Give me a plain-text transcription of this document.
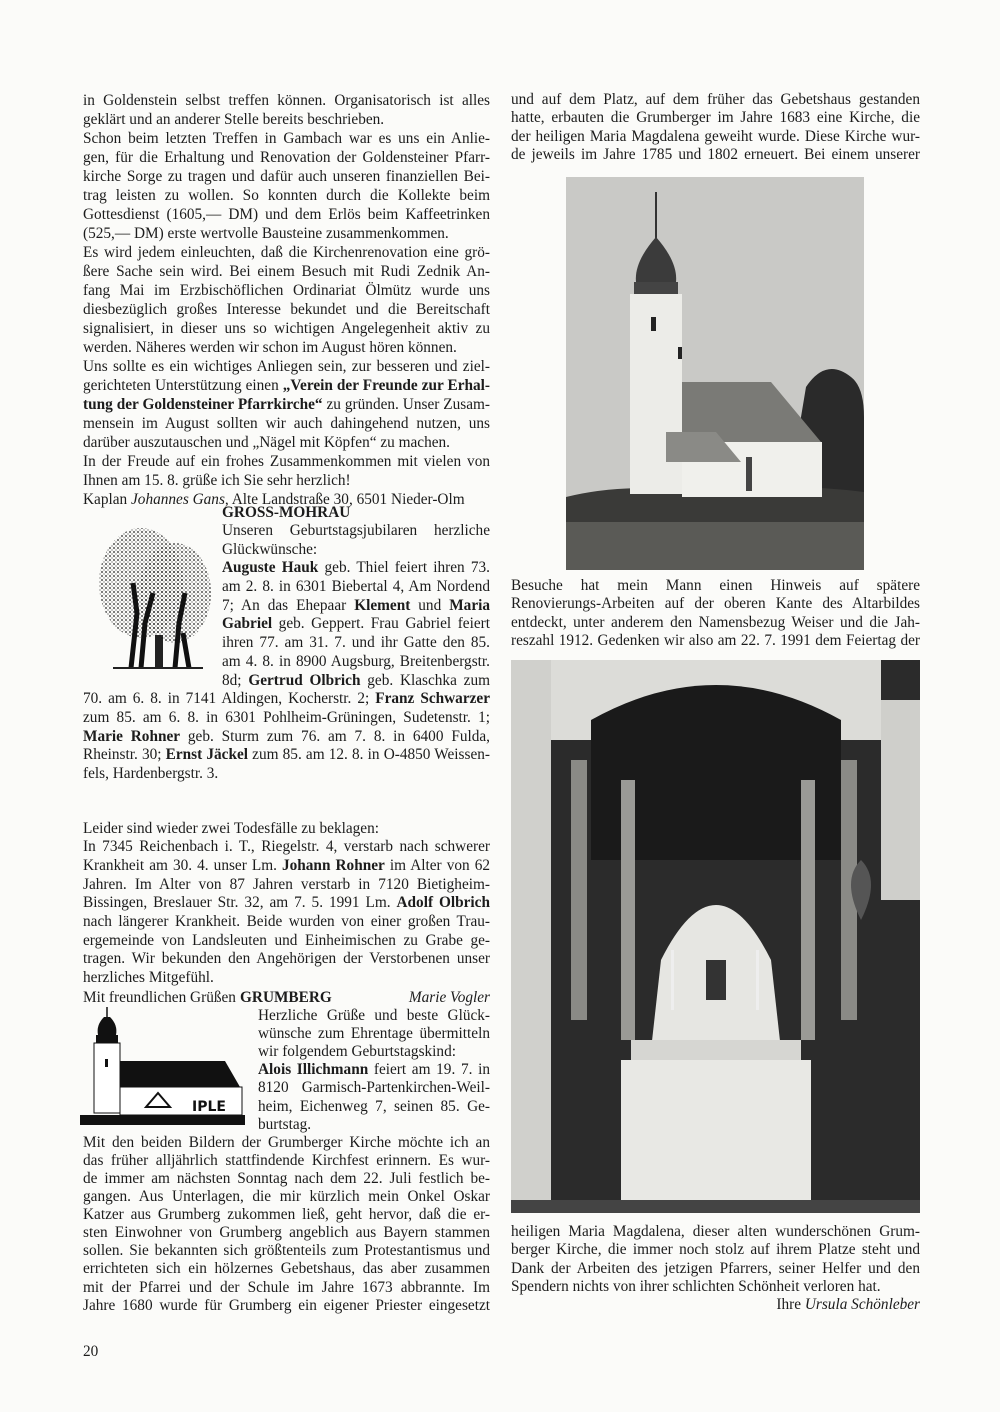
in Goldenstein selbst treffen können. Organisatorisch ist alles
geklärt und an anderer Stelle bereits beschrieben.
Schon beim letzten Treffen in Gambach war es uns ein Anlie-
gen, für die Erhaltung und Renovation der Goldensteiner Pfarr-
kirche Sorge zu tragen und dafür auch unseren finanziellen Bei-
trag leisten zu wollen. So konnten durch die Kollekte beim
Gottesdienst (1605,— DM) und dem Erlös beim Kaffeetrinken
(525,— DM) erste wertvolle Bausteine zusammenkommen.
Es wird jedem einleuchten, daß die Kirchenrenovation eine grö-
ßere Sache sein wird. Bei einem Besuch mit Rudi Zednik An-
fang Mai im Erzbischöflichen Ordinariat Ölmütz wurde uns
diesbezüglich großes Interesse bekundet und die Bereitschaft
signalisiert, in dieser uns so wichtigen Angelegenheit aktiv zu
werden. Näheres werden wir schon im August hören können.
Uns sollte es ein wichtiges Anliegen sein, zur besseren und ziel-
gerichteten Unterstützung einen „Verein der Freunde zur Erhal-
tung der Goldensteiner Pfarrkirche“ zu gründen. Unser Zusam-
mensein im August sollten wir auch dahingehend nutzen, uns
darüber auszutauschen und „Nägel mit Köpfen“ zu machen.
In der Freude auf ein frohes Zusammenkommen mit vielen von
Ihnen am 15. 8. grüße ich Sie sehr herzlich!
Kaplan Johannes Gans, Alte Landstraße 30, 6501 Nieder-Olm
GROSS-MOHRAU
Unseren Geburtstagsjubilaren herzliche
Glückwünsche:
Auguste Hauk geb. Thiel feiert ihren 73.
am 2. 8. in 6301 Biebertal 4, Am Nordend
7; An das Ehepaar Klement und Maria
Gabriel geb. Geppert. Frau Gabriel feiert
ihren 77. am 31. 7. und ihr Gatte den 85.
am 4. 8. in 8900 Augsburg, Breitenbergstr.
8d; Gertrud Olbrich geb. Klaschka zum
70. am 6. 8. in 7141 Aldingen, Kocherstr. 2; Franz Schwarzer
zum 85. am 6. 8. in 6301 Pohlheim-Grüningen, Sudetenstr. 1;
Marie Rohner geb. Sturm zum 76. am 7. 8. in 6400 Fulda,
Rheinstr. 30; Ernst Jäckel zum 85. am 12. 8. in O-4850 Weissen-
fels, Hardenbergstr. 3.
Leider sind wieder zwei Todesfälle zu beklagen:
In 7345 Reichenbach i. T., Riegelstr. 4, verstarb nach schwerer
Krankheit am 30. 4. unser Lm. Johann Rohner im Alter von 62
Jahren. Im Alter von 87 Jahren verstarb in 7120 Bietigheim-
Bissingen, Breslauer Str. 32, am 7. 5. 1991 Lm. Adolf Olbrich
nach längerer Krankheit. Beide wurden von einer großen Trau-
ergemeinde von Landsleuten und Einheimischen zu Grabe ge-
tragen. Wir bekunden den Angehörigen der Verstorbenen unser
herzliches Mitgefühl.
Mit freundlichen Grüßen	Marie Vogler
IPLE
GRUMBERG
Herzliche Grüße und beste Glück-
wünsche zum Ehrentage übermitteln
wir folgendem Geburtstagskind:
Alois Illichmann feiert am 19. 7. in
8120 Garmisch-Partenkirchen-Weil-
heim, Eichenweg 7, seinen 85. Ge-
burtstag.
Mit den beiden Bildern der Grumberger Kirche möchte ich an
das früher alljährlich stattfindende Kirchfest erinnern. Es wur-
de immer am nächsten Sonntag nach dem 22. Juli festlich be-
gangen. Aus Unterlagen, die mir kürzlich mein Onkel Oskar
Katzer aus Grumberg zukommen ließ, geht hervor, daß die er-
sten Einwohner von Grumberg angeblich aus Bayern stammen
sollen. Sie bekannten sich größtenteils zum Protestantismus und
errichteten sich ein hölzernes Gebetshaus, das aber zusammen
mit der Pfarrei und der Schule im Jahre 1673 abbrannte. Im
Jahre 1680 wurde für Grumberg ein eigener Priester eingesetzt
und auf dem Platz, auf dem früher das Gebetshaus gestanden
hatte, erbauten die Grumberger im Jahre 1683 eine Kirche, die
der heiligen Maria Magdalena geweiht wurde. Diese Kirche wur-
de jeweils im Jahre 1785 und 1802 erneuert. Bei einem unserer
Besuche hat mein Mann einen Hinweis auf spätere
Renovierungs-Arbeiten auf der oberen Kante des Altarbildes
entdeckt, unter anderem den Namensbezug Weiser und die Jah-
reszahl 1912. Gedenken wir also am 22. 7. 1991 dem Feiertag der
heiligen Maria Magdalena, dieser alten wunderschönen Grum-
berger Kirche, die immer noch stolz auf ihrem Platze steht und
Dank der Arbeiten des jetzigen Pfarrers, seiner Helfer und den
Spendern nichts von ihrer schlichten Schönheit verloren hat.
Ihre Ursula Schönleber
20
